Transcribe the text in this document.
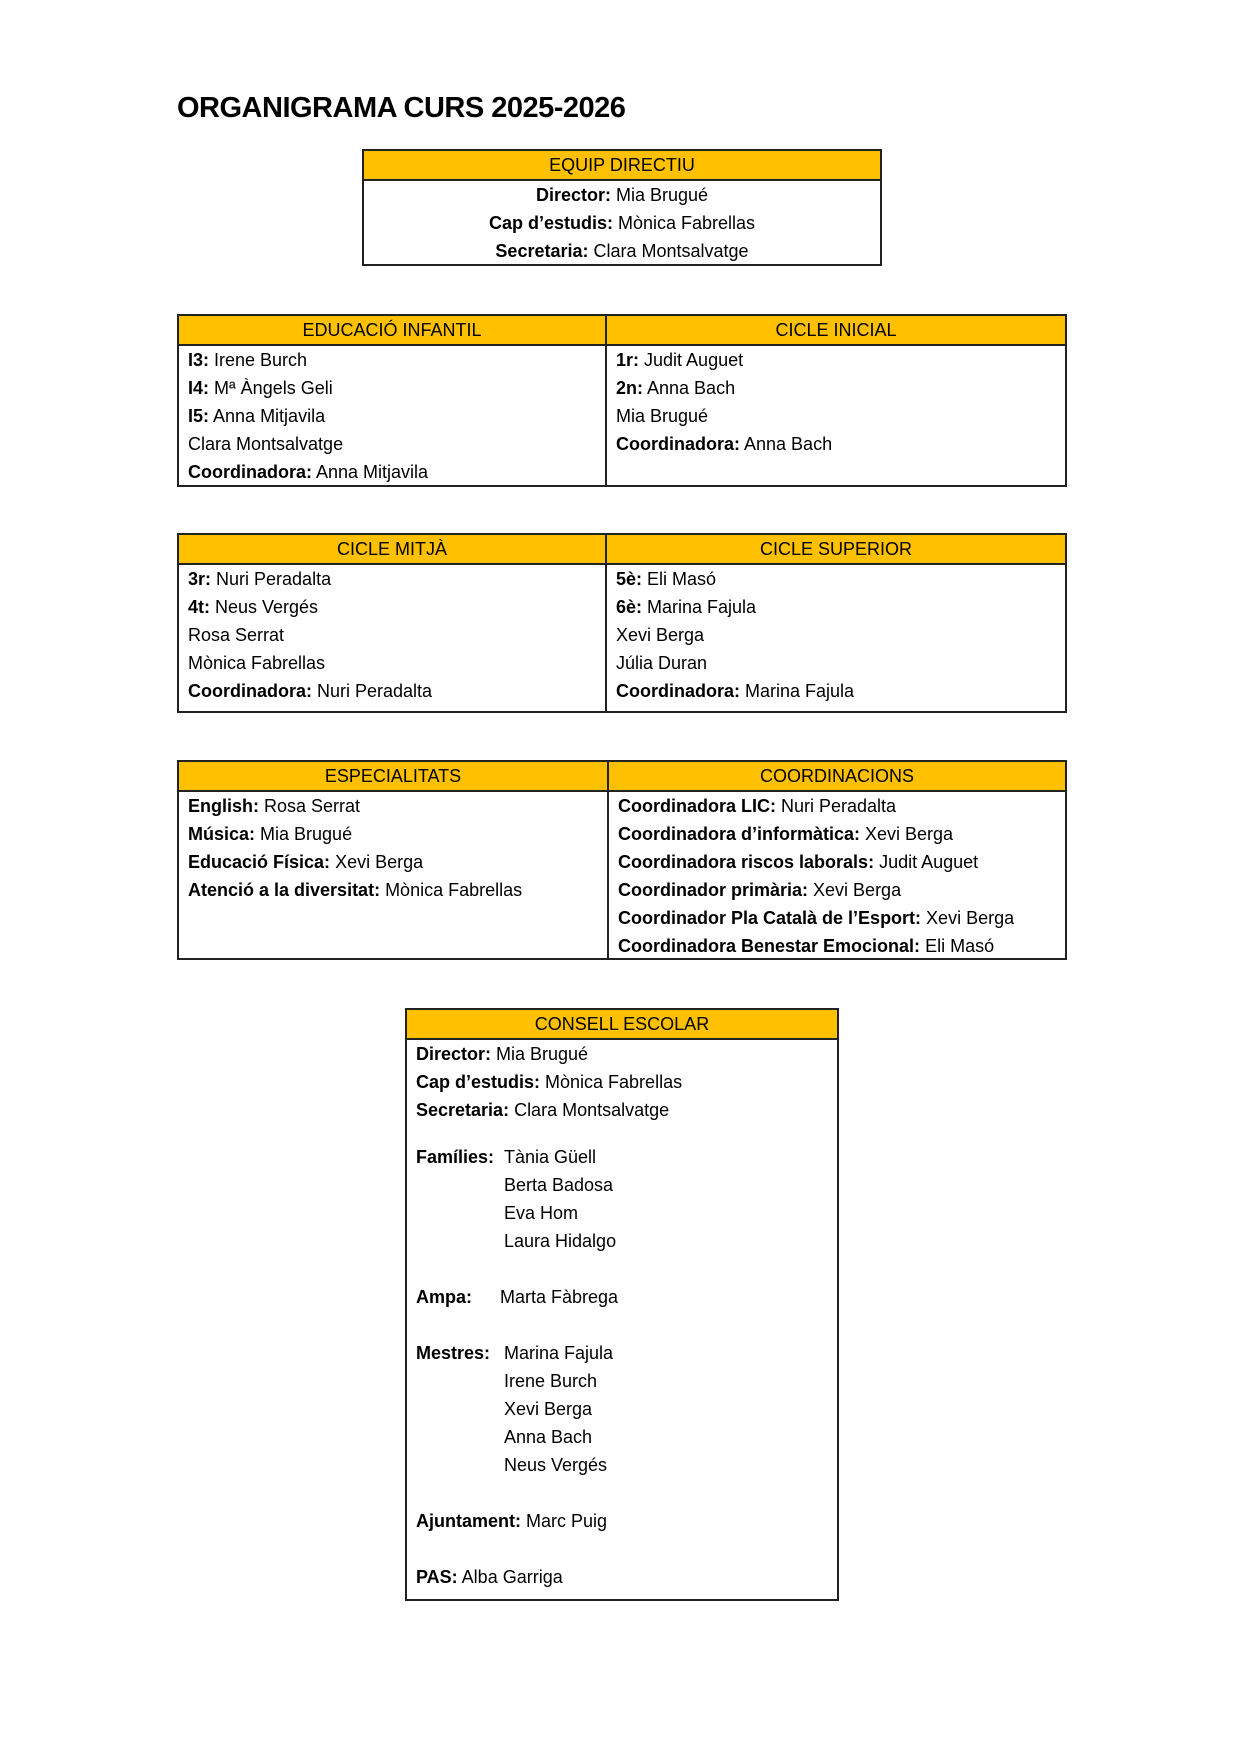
ORGANIGRAMA CURS 2025-2026
EQUIP DIRECTIU
Director: Mia Brugué
Cap d’estudis: Mònica Fabrellas
Secretaria: Clara Montsalvatge
EDUCACIÓ INFANTIL
I3: Irene Burch
I4: Mª Àngels Geli
I5: Anna Mitjavila
Clara Montsalvatge
Coordinadora: Anna Mitjavila
CICLE INICIAL
1r: Judit Auguet
2n: Anna Bach
Mia Brugué
Coordinadora: Anna Bach
CICLE MITJÀ
3r: Nuri Peradalta
4t: Neus Vergés
Rosa Serrat
Mònica Fabrellas
Coordinadora: Nuri Peradalta
CICLE SUPERIOR
5è: Eli Masó
6è: Marina Fajula
Xevi Berga
Júlia Duran
Coordinadora: Marina Fajula
ESPECIALITATS
English: Rosa Serrat
Música: Mia Brugué
Educació Física: Xevi Berga
Atenció a la diversitat: Mònica Fabrellas
COORDINACIONS
Coordinadora LIC: Nuri Peradalta
Coordinadora d’informàtica: Xevi Berga
Coordinadora riscos laborals: Judit Auguet
Coordinador primària: Xevi Berga
Coordinador Pla Català de l’Esport: Xevi Berga
Coordinadora Benestar Emocional: Eli Masó
CONSELL ESCOLAR
Director: Mia Brugué
Cap d’estudis: Mònica Fabrellas
Secretaria: Clara Montsalvatge
Famílies: Tània Güell
Berta Badosa
Eva Hom
Laura Hidalgo
Ampa: Marta Fàbrega
Mestres: Marina Fajula
Irene Burch
Xevi Berga
Anna Bach
Neus Vergés
Ajuntament: Marc Puig
PAS: Alba Garriga
